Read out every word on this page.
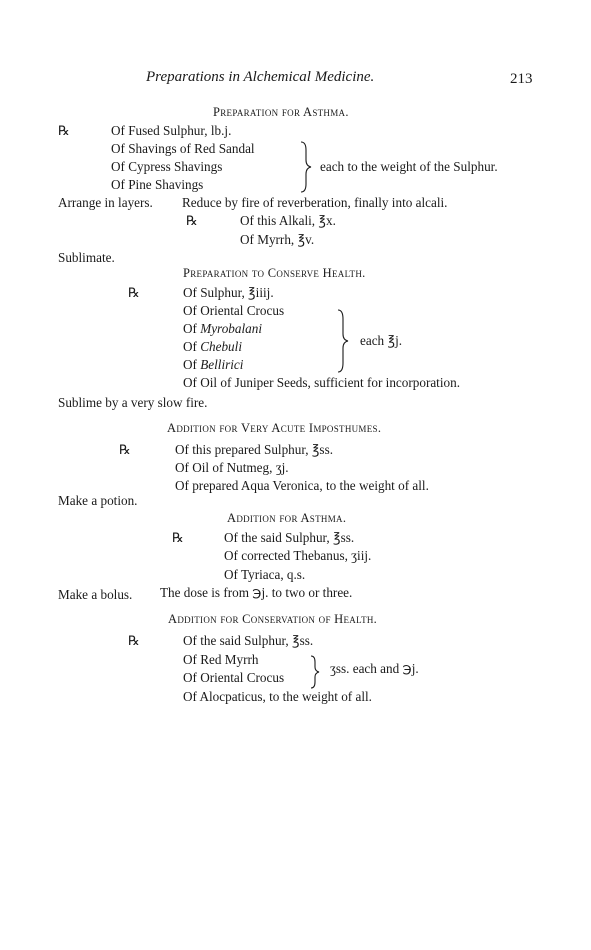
Preparations in Alchemical Medicine.	213
Preparation for Asthma.
℞	Of Fused Sulphur, lb.j.
Of Shavings of Red Sandal
Of Cypress Shavings
Of Pine Shavings
each to the weight of the Sulphur.
Arrange in layers. Reduce by fire of reverberation, finally into alcali.
℞	Of this Alkali, ℥x.
Of Myrrh, ℥v.
Sublimate.
Preparation to Conserve Health.
℞	Of Sulphur, ℥iiij.
Of Oriental Crocus
Of Myrobalani
Of Chebuli
Of Bellirici
each ℥j.
Of Oil of Juniper Seeds, sufficient for incorporation.
Sublime by a very slow fire.
Addition for Very Acute Imposthumes.
℞	Of this prepared Sulphur, ℥ss.
Of Oil of Nutmeg, ʒj.
Of prepared Aqua Veronica, to the weight of all.
Make a potion.
Addition for Asthma.
℞	Of the said Sulphur, ℥ss.
Of corrected Thebanus, ʒiij.
Of Tyriaca, q.s.
Make a bolus. The dose is from ℈j. to two or three.
Addition for Conservation of Health.
℞	Of the said Sulphur, ℥ss.
Of Red Myrrh
Of Oriental Crocus
ʒss. each and ℈j.
Of Alocpaticus, to the weight of all.
